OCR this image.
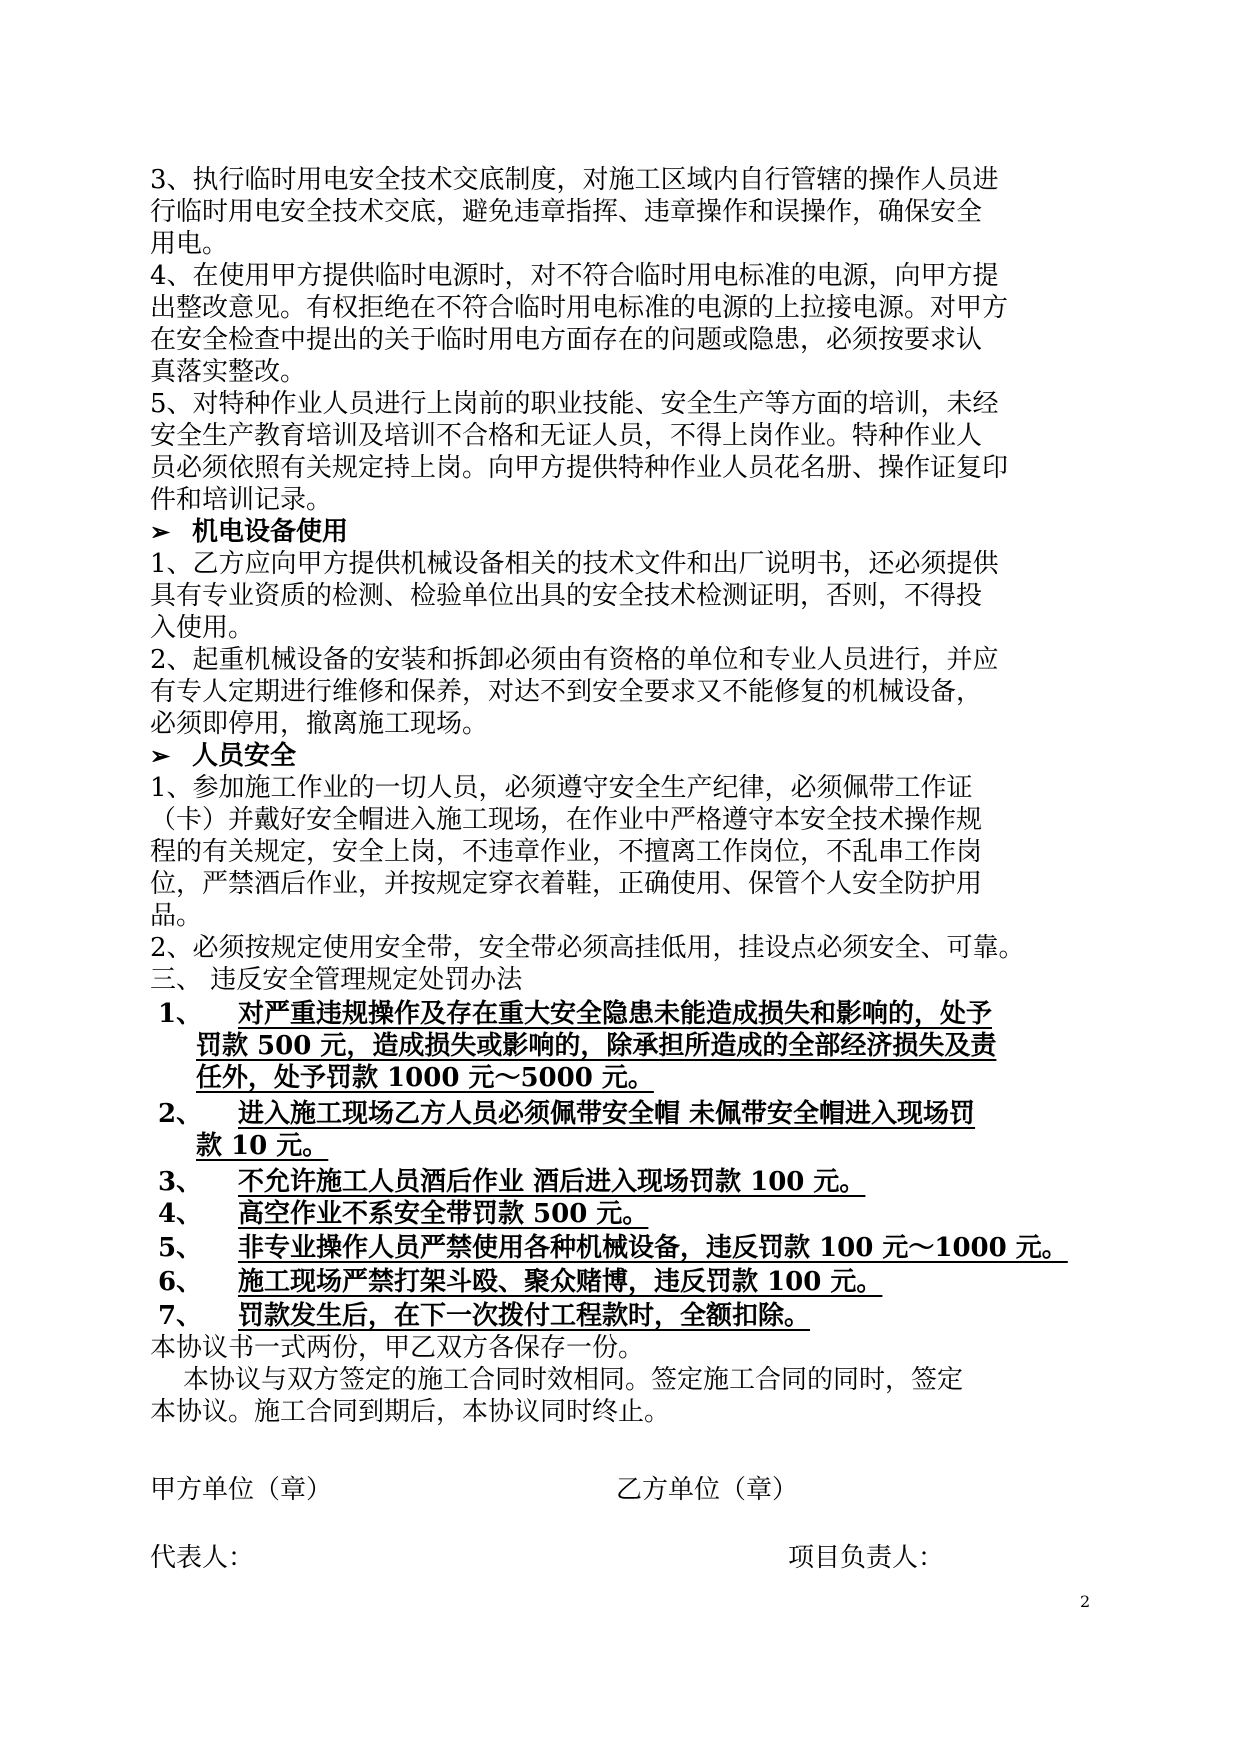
3、执行临时用电安全技术交底制度，对施工区域内自行管辖的操作人员进
行临时用电安全技术交底，避免违章指挥、违章操作和误操作，确保安全
用电。
4、在使用甲方提供临时电源时，对不符合临时用电标准的电源，向甲方提
出整改意见。有权拒绝在不符合临时用电标准的电源的上拉接电源。对甲方
在安全检查中提出的关于临时用电方面存在的问题或隐患，必须按要求认
真落实整改。
5、对特种作业人员进行上岗前的职业技能、安全生产等方面的培训，未经
安全生产教育培训及培训不合格和无证人员，不得上岗作业。特种作业人
员必须依照有关规定持上岗。向甲方提供特种作业人员花名册、操作证复印
件和培训记录。
➢ 机电设备使用
1、乙方应向甲方提供机械设备相关的技术文件和出厂说明书，还必须提供
具有专业资质的检测、检验单位出具的安全技术检测证明，否则，不得投
入使用。
2、起重机械设备的安装和拆卸必须由有资格的单位和专业人员进行，并应
有专人定期进行维修和保养，对达不到安全要求又不能修复的机械设备，
必须即停用，撤离施工现场。
➢ 人员安全
1、参加施工作业的一切人员，必须遵守安全生产纪律，必须佩带工作证
（卡）并戴好安全帽进入施工现场，在作业中严格遵守本安全技术操作规
程的有关规定，安全上岗，不违章作业，不擅离工作岗位，不乱串工作岗
位，严禁酒后作业，并按规定穿衣着鞋，正确使用、保管个人安全防护用
品。
2、必须按规定使用安全带，安全带必须高挂低用，挂设点必须安全、可靠。
三、 违反安全管理规定处罚办法
1、 对严重违规操作及存在重大安全隐患未能造成损失和影响的，处予
罚款 500 元，造成损失或影响的，除承担所造成的全部经济损失及责
任外，处予罚款 1000 元～5000 元。
2、 进入施工现场乙方人员必须佩带安全帽 未佩带安全帽进入现场罚
款 10 元。
3、 不允许施工人员酒后作业 酒后进入现场罚款 100 元。
4、 高空作业不系安全带罚款 500 元。
5、 非专业操作人员严禁使用各种机械设备，违反罚款 100 元～1000 元。
6、 施工现场严禁打架斗殴、聚众赌博，违反罚款 100 元。
7、 罚款发生后，在下一次拨付工程款时，全额扣除。
本协议书一式两份，甲乙双方各保存一份。
本协议与双方签定的施工合同时效相同。签定施工合同的同时，签定
本协议。施工合同到期后，本协议同时终止。
甲方单位（章）	乙方单位（章）
代表人：	项目负责人：
2
